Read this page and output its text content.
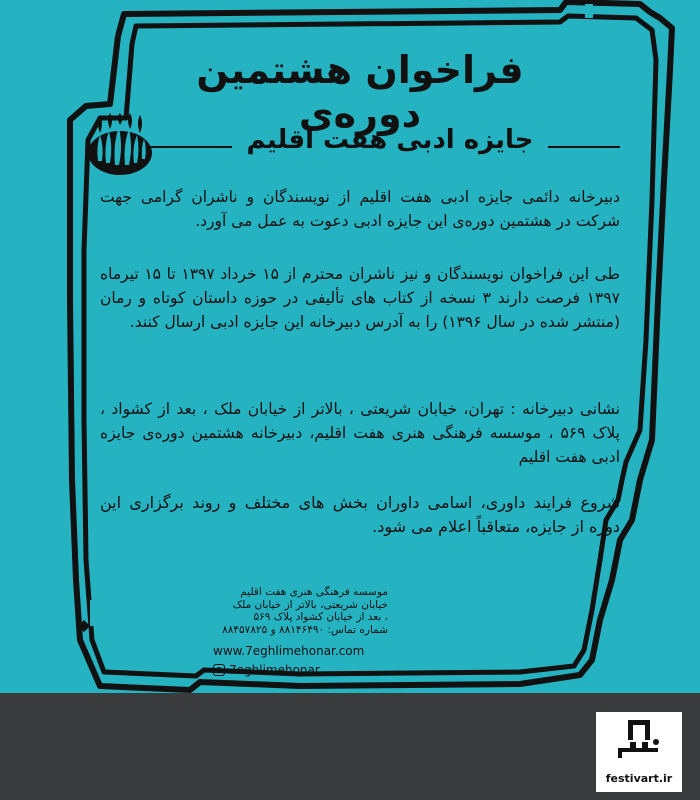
فراخوان هشتمین دوره‌ی
جایزه ادبی هفت اقلیم

دبیرخانه دائمی جایزه ادبی هفت اقلیم از نویسندگان و ناشران گرامی جهت شرکت در هشتمین دوره‌ی این جایزه ادبی دعوت به عمل می آورد.

طی این فراخوان نویسندگان و نیز ناشران محترم از ۱۵ خرداد ۱۳۹۷ تا ۱۵ تیرماه ۱۳۹۷ فرصت دارند ۳ نسخه از کتاب های تألیفی در حوزه داستان کوتاه و رمان (منتشر شده در سال ۱۳۹۶) را به آدرس دبیرخانه این جایزه ادبی ارسال کنند.

نشانی دبیرخانه : تهران، خیابان شریعتی ، بالاتر از خیابان ملک ، بعد از کشواد ، پلاک ۵۶۹ ، موسسه فرهنگی هنری هفت اقلیم، دبیرخانه هشتمین دوره‌ی جایزه ادبی هفت اقلیم

شروع فرایند داوری، اسامی داوران بخش های مختلف و روند برگزاری این دوره از جایزه، متعاقباً اعلام می شود.

موسسه فرهنگی هنری هفت اقلیم
خیابان شریعتی، بالاتر از خیابان ملک
، بعد از خیابان کشواد پلاک ۵۶۹
شماره تماس: ۸۸۱۴۶۴۹۰ و ۸۸۴۵۷۸۲۵
www.7eghlimehonar.com
7eghlimehonar
festivart.ir
